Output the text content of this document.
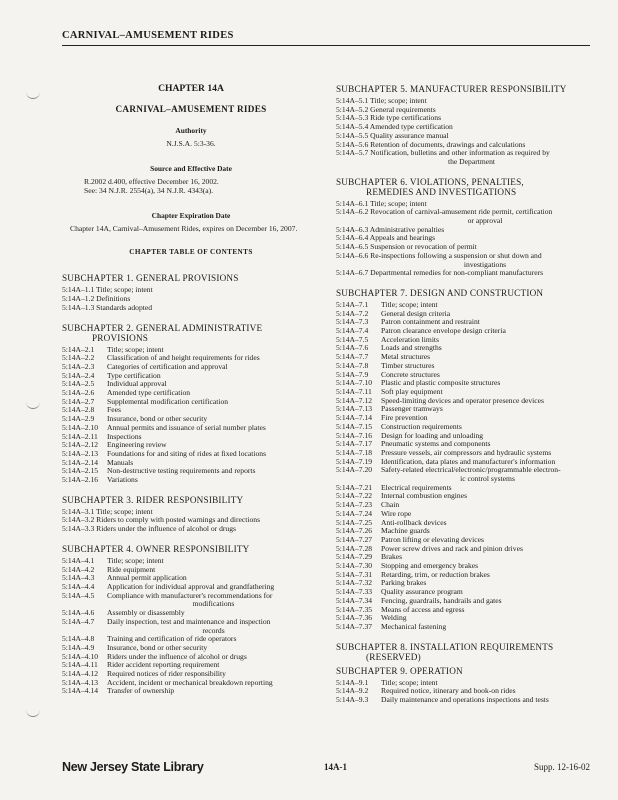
CARNIVAL–AMUSEMENT RIDES
CHAPTER 14A
CARNIVAL–AMUSEMENT RIDES
Authority
N.J.S.A. 5:3-36.
Source and Effective Date
R.2002 d.400, effective December 16, 2002.
See: 34 N.J.R. 2554(a), 34 N.J.R. 4343(a).
Chapter Expiration Date
Chapter 14A, Carnival–Amusement Rides, expires on December 16, 2007.
CHAPTER TABLE OF CONTENTS
SUBCHAPTER 1. GENERAL PROVISIONS
5:14A–1.1 Title; scope; intent
5:14A–1.2 Definitions
5:14A–1.3 Standards adopted
SUBCHAPTER 2. GENERAL ADMINISTRATIVE
PROVISIONS
5:14A–2.1	Title; scope; intent
5:14A–2.2	Classification of and height requirements for rides
5:14A–2.3	Categories of certification and approval
5:14A–2.4	Type certification
5:14A–2.5	Individual approval
5:14A–2.6	Amended type certification
5:14A–2.7	Supplemental modification certification
5:14A–2.8	Fees
5:14A–2.9	Insurance, bond or other security
5:14A–2.10	Annual permits and issuance of serial number plates
5:14A–2.11	Inspections
5:14A–2.12	Engineering review
5:14A–2.13	Foundations for and siting of rides at fixed locations
5:14A–2.14	Manuals
5:14A–2.15	Non-destructive testing requirements and reports
5:14A–2.16	Variations
SUBCHAPTER 3. RIDER RESPONSIBILITY
5:14A–3.1 Title; scope; intent
5:14A–3.2 Riders to comply with posted warnings and directions
5:14A–3.3 Riders under the influence of alcohol or drugs
SUBCHAPTER 4. OWNER RESPONSIBILITY
5:14A–4.1	Title; scope; intent
5:14A–4.2	Ride equipment
5:14A–4.3	Annual permit application
5:14A–4.4	Application for individual approval and grandfathering
5:14A–4.5	Compliance with manufacturer's recommendations for
modifications
5:14A–4.6	Assembly or disassembly
5:14A–4.7	Daily inspection, test and maintenance and inspection
records
5:14A–4.8	Training and certification of ride operators
5:14A–4.9	Insurance, bond or other security
5:14A–4.10	Riders under the influence of alcohol or drugs
5:14A–4.11	Rider accident reporting requirement
5:14A–4.12	Required notices of rider responsibility
5:14A–4.13	Accident, incident or mechanical breakdown reporting
5:14A–4.14	Transfer of ownership
SUBCHAPTER 5. MANUFACTURER RESPONSIBILITY
5:14A–5.1 Title; scope; intent
5:14A–5.2 General requirements
5:14A–5.3 Ride type certifications
5:14A–5.4 Amended type certification
5:14A–5.5 Quality assurance manual
5:14A–5.6 Retention of documents, drawings and calculations
5:14A–5.7 Notification, bulletins and other information as required by
the Department
SUBCHAPTER 6. VIOLATIONS, PENALTIES,
REMEDIES AND INVESTIGATIONS
5:14A–6.1 Title; scope; intent
5:14A–6.2 Revocation of carnival-amusement ride permit, certification
or approval
5:14A–6.3 Administrative penalties
5:14A–6.4 Appeals and hearings
5:14A–6.5 Suspension or revocation of permit
5:14A–6.6 Re-inspections following a suspension or shut down and
investigations
5:14A–6.7 Departmental remedies for non-compliant manufacturers
SUBCHAPTER 7. DESIGN AND CONSTRUCTION
5:14A–7.1	Title; scope; intent
5:14A–7.2	General design criteria
5:14A–7.3	Patron containment and restraint
5:14A–7.4	Patron clearance envelope design criteria
5:14A–7.5	Acceleration limits
5:14A–7.6	Loads and strengths
5:14A–7.7	Metal structures
5:14A–7.8	Timber structures
5:14A–7.9	Concrete structures
5:14A–7.10	Plastic and plastic composite structures
5:14A–7.11	Soft play equipment
5:14A–7.12	Speed-limiting devices and operator presence devices
5:14A–7.13	Passenger tramways
5:14A–7.14	Fire prevention
5:14A–7.15	Construction requirements
5:14A–7.16	Design for loading and unloading
5:14A–7.17	Pneumatic systems and components
5:14A–7.18	Pressure vessels, air compressors and hydraulic systems
5:14A–7.19	Identification, data plates and manufacturer's information
5:14A–7.20	Safety-related electrical/electronic/programmable electron-
ic control systems
5:14A–7.21	Electrical requirements
5:14A–7.22	Internal combustion engines
5:14A–7.23	Chain
5:14A–7.24	Wire rope
5:14A–7.25	Anti-rollback devices
5:14A–7.26	Machine guards
5:14A–7.27	Patron lifting or elevating devices
5:14A–7.28	Power screw drives and rack and pinion drives
5:14A–7.29	Brakes
5:14A–7.30	Stopping and emergency brakes
5:14A–7.31	Retarding, trim, or reduction brakes
5:14A–7.32	Parking brakes
5:14A–7.33	Quality assurance program
5:14A–7.34	Fencing, guardrails, handrails and gates
5:14A–7.35	Means of access and egress
5:14A–7.36	Welding
5:14A–7.37	Mechanical fastening
SUBCHAPTER 8. INSTALLATION REQUIREMENTS
(RESERVED)
SUBCHAPTER 9. OPERATION
5:14A–9.1	Title; scope; intent
5:14A–9.2	Required notice, itinerary and book-on rides
5:14A–9.3	Daily maintenance and operations inspections and tests
New Jersey State Library	14A-1	Supp. 12-16-02
